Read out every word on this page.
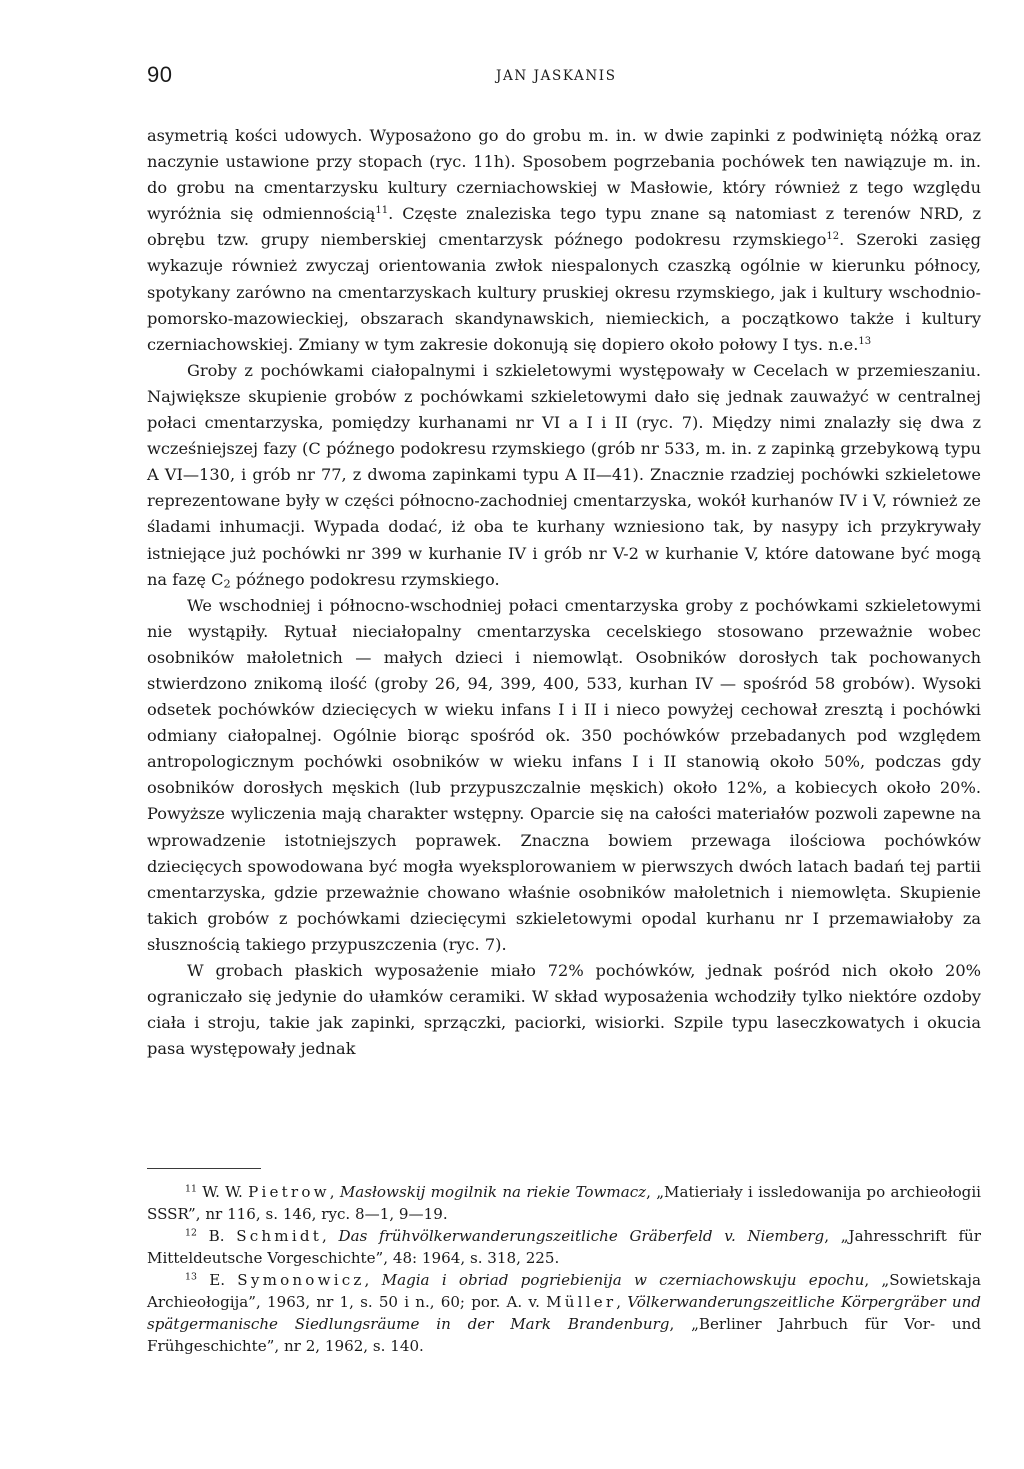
90	JAN JASKANIS

asymetrią kości udowych. Wyposażono go do grobu m. in. w dwie zapinki z podwiniętą nóżką oraz naczynie ustawione przy stopach (ryc. 11h). Sposobem pogrzebania pochówek ten nawiązuje m. in. do grobu na cmentarzysku kultury czerniachowskiej w Masłowie, który również z tego względu wyróżnia się odmiennością$^{11}$. Częste znaleziska tego typu znane są natomiast z terenów NRD, z obrębu tzw. grupy niemberskiej cmentarzysk późnego podokresu rzymskiego$^{12}$. Szeroki zasięg wykazuje również zwyczaj orientowania zwłok niespalonych czaszką ogólnie w kierunku północy, spotykany zarówno na cmentarzyskach kultury pruskiej okresu rzymskiego, jak i kultury wschodnio-pomorsko-mazowieckiej, obszarach skandynawskich, niemieckich, a początkowo także i kultury czerniachowskiej. Zmiany w tym zakresie dokonują się dopiero około połowy I tys. n.e.$^{13}$

Groby z pochówkami ciałopalnymi i szkieletowymi występowały w Cecelach w przemieszaniu. Największe skupienie grobów z pochówkami szkieletowymi dało się jednak zauważyć w centralnej połaci cmentarzyska, pomiędzy kurhanami nr VI a I i II (ryc. 7). Między nimi znalazły się dwa z wcześniejszej fazy (C późnego podokresu rzymskiego (grób nr 533, m. in. z zapinką grzebykową typu A VI—130, i grób nr 77, z dwoma zapinkami typu A II—41). Znacznie rzadziej pochówki szkieletowe reprezentowane były w części północno-zachodniej cmentarzyska, wokół kurhanów IV i V, również ze śladami inhumacji. Wypada dodać, iż oba te kurhany wzniesiono tak, by nasypy ich przykrywały istniejące już pochówki nr 399 w kurhanie IV i grób nr V-2 w kurhanie V, które datowane być mogą na fazę $C_2$ późnego podokresu rzymskiego.

We wschodniej i północno-wschodniej połaci cmentarzyska groby z pochówkami szkieletowymi nie wystąpiły. Rytuał niеciałopalny cmentarzyska cecelskiego stosowano przeważnie wobec osobników małoletnich — małych dzieci i niemowląt. Osobników dorosłych tak pochowanych stwierdzono znikomą ilość (groby 26, 94, 399, 400, 533, kurhan IV — spośród 58 grobów). Wysoki odsetek pochówków dziecięcych w wieku infans I i II i nieco powyżej cechował zresztą i pochówki odmiany ciałopalnej. Ogólnie biorąc spośród ok. 350 pochówków przebadanych pod względem antropologicznym pochówki osobników w wieku infans I i II stanowią około 50%, podczas gdy osobników dorosłych męskich (lub przypuszczalnie męskich) około 12%, a kobiecych około 20%. Powyższe wyliczenia mają charakter wstępny. Oparcie się na całości materiałów pozwoli zapewne na wprowadzenie istotniejszych poprawek. Znaczna bowiem przewaga ilościowa pochówków dziecięcych spowodowana być mogła wyeksplorowaniem w pierwszych dwóch latach badań tej partii cmentarzyska, gdzie przeważnie chowano właśnie osobników małoletnich i niemowlęta. Skupienie takich grobów z pochówkami dziecięcymi szkieletowymi opodal kurhanu nr I przemawiałoby za słusznością takiego przypuszczenia (ryc. 7).

W grobach płaskich wyposażenie miało 72% pochówków, jednak pośród nich około 20% ograniczało się jedynie do ułamków ceramiki. W skład wyposażenia wchodziły tylko niektóre ozdoby ciała i stroju, takie jak zapinki, sprzączki, paciorki, wisiorki. Szpile typu laseczkowatych i okucia pasa występowały jednak

$^{11}$ W. W. Pietrow, Masłowskij mogilnik na riekie Towmacz, „Matieriały i issledowanija po archieołogii SSSR”, nr 116, s. 146, ryc. 8—1, 9—19.

$^{12}$ B. Schmidt, Das frühvölkerwanderungszeitliche Gräberfeld v. Niemberg, „Jahresschrift für Mitteldeutsche Vorgeschichte”, 48: 1964, s. 318, 225.

$^{13}$ E. Symonowicz, Magia i obriad pogriebienija w czerniachowskuju epochu, „Sowietskaja Archieołogija”, 1963, nr 1, s. 50 i n., 60; por. A. v. Müller, Völkerwanderungszeitliche Körpergräber und spätgermanische Siedlungsräume in der Mark Brandenburg, „Berliner Jahrbuch für Vor- und Frühgeschichte”, nr 2, 1962, s. 140.
